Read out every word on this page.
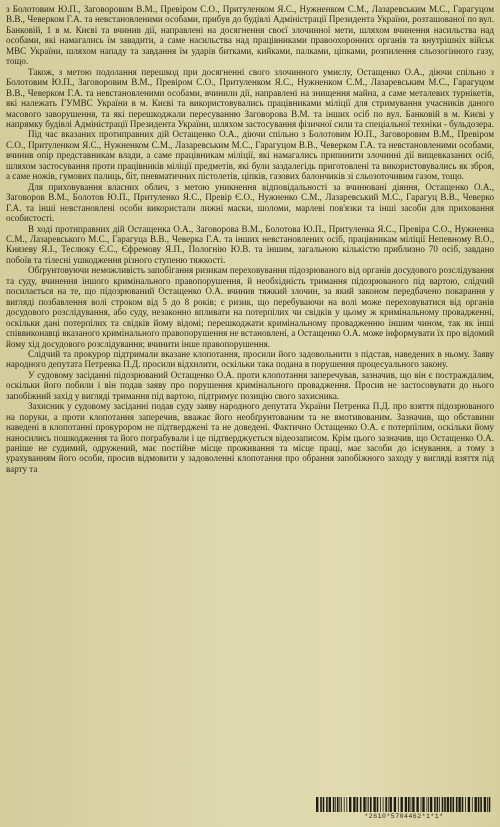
з Болотовим Ю.П., Заговоровим В.М., Превіром С.О., Притуленком Я.С., Нужненком С.М., Лазаревським М.С., Гарагуцом В.В., Чеверком Г.А. та невстановленими особами, прибув до будівлі Адміністрації Президента України, розташованої по вул. Банковій, 1 в м. Києві та вчинив дії, направлені на досягнення своєї злочинної мети, шляхом вчинення насильства над особами, які намагались їм завадити, а саме насильства над працівниками правоохоронних органів та внутрішніх військ МВС України, шляхом нападу та завдання їм ударів битками, кийками, палками, ціпками, розпилення сльозогінного газу, тощо.

Також, з метою подолання перешкод при досягненні свого злочинного умислу, Остащенко О.А., діючи спільно з Болотовим Ю.П., Заговоровим В.М., Превіром С.О., Притуленком Я.С., Нужненком С.М., Лазаревським М.С., Гарагуцом В.В., Чеверком Г.А. та невстановленими особами, вчинили дії, направлені на знищення майна, а саме металевих турнікетів, які належать ГУМВС України в м. Києві та використовувались працівниками міліції для стримування учасників даного масового заворушення, та які перешкоджали пересуванню Заговорова В.М. та інших осіб по вул. Банковій в м. Києві у напрямку будівлі Адміністрації Президента України, шляхом застосування фізичної сили та спеціальної техніки - бульдозера.

Під час вказаних протиправних дій Остащенко О.А., діючи спільно з Болотовим Ю.П., Заговоровим В.М., Превіром С.О., Притуленком Я.С., Нужненком С.М., Лазаревським М.С., Гарагуцом В.В., Чеверком Г.А. та невстановленими особами, вчинив опір представникам влади, а саме працівникам міліції, які намагались припинити злочинні дії вищевказаних осіб, шляхом застосування проти працівників міліції предметів, які були заздалегідь приготовлені та використовувались як зброя, а саме ножів, гумових палиць, біт, пневматичних пістолетів, ціпків, газових балончиків зі сльозоточивим газом, тощо.

Для приховування власних облич, з метою уникнення відповідальності за вчинювані діяння, Остащенко О.А., Заговоров В.М., Болотов Ю.П., Притуленко Я.С., Превір Є.О., Нужненко С.М., Лазаревський М.С., Гарагуц В.В., Чеверко Г.А. та інші невстановлені особи використали лижні маски, шоломи, марлеві пов'язки та інші засоби для приховання особистості.

В ході протиправних дій Остащенка О.А., Заговорова В.М., Болотова Ю.П., Притуленка Я.С., Превіра С.О., Нужненка С.М., Лазаревського М.С., Гарагуца В.В., Чеверка Г.А. та інших невстановлених осіб, працівникам міліції Непевному В.О., Князеву Я.І., Теслюку Є.С., Єфремову Я.П., Пологнію Ю.В. та іншим, загальною кількістю приблизно 70 осіб, завдано побоїв та тілесні ушкодження різного ступеню тяжкості.

Обґрунтовуючи неможливість запобігання ризикам переховування підозрюваного від органів досудового розслідування та суду, вчинення іншого кримінального правопорушення, й необхідність тримання підозрюваного під вартою, слідчий посилається на те, що підозрюваний Остащенко О.А. вчинив тяжкий злочин, за який законом передбачено покарання у вигляді позбавлення волі строком від 5 до 8 років; є ризик, що перебуваючи на волі може переховуватися від органів досудового розслідування, або суду, незаконно впливати на потерпілих чи свідків у цьому ж кримінальному провадженні, оскільки дані потерпілих та свідків йому відомі; перешкоджати кримінальному провадженню іншим чином, так як інші співвиконавці вказаного кримінального правопорушення не встановлені, а Остащенко О.А. може інформувати їх про відомий йому хід досудового розслідування; вчинити інше правопорушення.

Слідчий та прокурор підтримали вказане клопотання, просили його задовольнити з підстав, наведених в ньому. Заяву народного депутата Петренка П.Д. просили відхилити, оскільки така подана в порушення процесуального закону.

У судовому засіданні підозрюваний Остащенко О.А. проти клопотання заперечував, зазначив, що він є постраждалим, оскільки його побили і він подав заяву про порушення кримінального провадження. Просив не застосовувати до нього запобіжний захід у вигляді тримання під вартою, підтримує позицію свого захисника.

Захисник у судовому засіданні подав суду заяву народного депутата України Петренка П.Д. про взяття підозрюваного на поруки, а проти клопотання заперечив, вважає його необґрунтованим та не вмотивованим. Зазначив, що обставини наведені в клопотанні прокурором не підтверджені та не доведені. Фактично Остащенко О.А. є потерпілим, оскільки йому наносились пошкодження та його пограбували і це підтверджується відеозаписом. Крім цього зазначив, що Остащенко О.А. раніше не судимий, одружений, має постійне місце проживання та місце праці, має засоби до існування, а тому з урахуванням його особи, просив відмовити у задоволенні клопотання про обрання запобіжного заходу у вигляді взяття під варту та

*2610*5704462*1*1*
